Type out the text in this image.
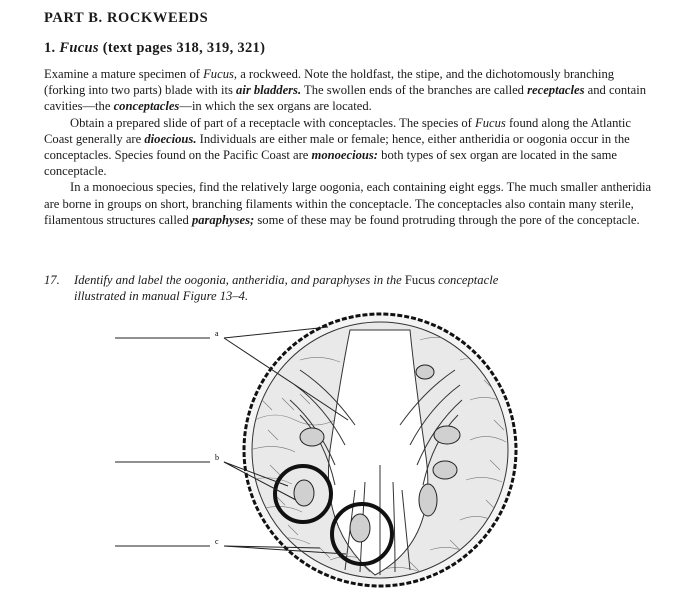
PART B. ROCKWEEDS
1. Fucus (text pages 318, 319, 321)

Examine a mature specimen of Fucus, a rockweed. Note the holdfast, the stipe, and the dichotomously branching (forking into two parts) blade with its air bladders. The swollen ends of the branches are called receptacles and contain cavities—the conceptacles—in which the sex organs are located.

Obtain a prepared slide of part of a receptacle with conceptacles. The species of Fucus found along the Atlantic Coast generally are dioecious. Individuals are either male or female; hence, either antheridia or oogonia occur in the conceptacles. Species found on the Pacific Coast are monoecious: both types of sex organ are located in the same conceptacle.

In a monoecious species, find the relatively large oogonia, each containing eight eggs. The much smaller antheridia are borne in groups on short, branching filaments within the conceptacle. The conceptacles also contain many sterile, filamentous structures called paraphyses; some of these may be found protruding through the pore of the conceptacle.

17. Identify and label the oogonia, antheridia, and paraphyses in the Fucus conceptacle
illustrated in manual Figure 13–4.
a
b
c
